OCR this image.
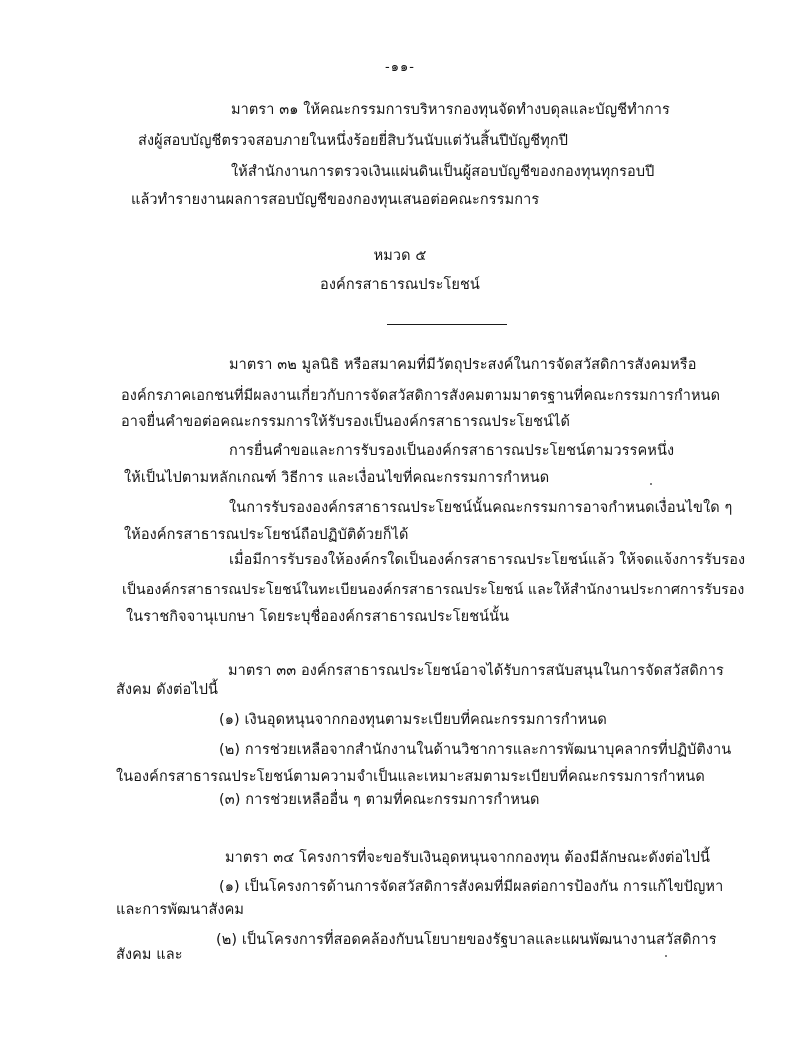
-๑๑-
มาตรา ๓๑ ให้คณะกรรมการบริหารกองทุนจัดทำงบดุลและบัญชีทำการ
ส่งผู้สอบบัญชีตรวจสอบภายในหนึ่งร้อยยี่สิบวันนับแต่วันสิ้นปีบัญชีทุกปี
ให้สำนักงานการตรวจเงินแผ่นดินเป็นผู้สอบบัญชีของกองทุนทุกรอบปี
แล้วทำรายงานผลการสอบบัญชีของกองทุนเสนอต่อคณะกรรมการ
หมวด ๕
องค์กรสาธารณประโยชน์
มาตรา ๓๒ มูลนิธิ หรือสมาคมที่มีวัตถุประสงค์ในการจัดสวัสดิการสังคมหรือ
องค์กรภาคเอกชนที่มีผลงานเกี่ยวกับการจัดสวัสดิการสังคมตามมาตรฐานที่คณะกรรมการกำหนด
อาจยื่นคำขอต่อคณะกรรมการให้รับรองเป็นองค์กรสาธารณประโยชน์ได้
การยื่นคำขอและการรับรองเป็นองค์กรสาธารณประโยชน์ตามวรรคหนึ่ง
ให้เป็นไปตามหลักเกณฑ์ วิธีการ และเงื่อนไขที่คณะกรรมการกำหนด
ในการรับรององค์กรสาธารณประโยชน์นั้นคณะกรรมการอาจกำหนดเงื่อนไขใด ๆ
ให้องค์กรสาธารณประโยชน์ถือปฏิบัติด้วยก็ได้
เมื่อมีการรับรองให้องค์กรใดเป็นองค์กรสาธารณประโยชน์แล้ว ให้จดแจ้งการรับรอง
เป็นองค์กรสาธารณประโยชน์ในทะเบียนองค์กรสาธารณประโยชน์ และให้สำนักงานประกาศการรับรอง
ในราชกิจจานุเบกษา โดยระบุชื่อองค์กรสาธารณประโยชน์นั้น
มาตรา ๓๓ องค์กรสาธารณประโยชน์อาจได้รับการสนับสนุนในการจัดสวัสดิการ
สังคม ดังต่อไปนี้
(๑) เงินอุดหนุนจากกองทุนตามระเบียบที่คณะกรรมการกำหนด
(๒) การช่วยเหลือจากสำนักงานในด้านวิชาการและการพัฒนาบุคลากรที่ปฏิบัติงาน
ในองค์กรสาธารณประโยชน์ตามความจำเป็นและเหมาะสมตามระเบียบที่คณะกรรมการกำหนด
(๓) การช่วยเหลืออื่น ๆ ตามที่คณะกรรมการกำหนด
มาตรา ๓๔ โครงการที่จะขอรับเงินอุดหนุนจากกองทุน ต้องมีลักษณะดังต่อไปนี้
(๑) เป็นโครงการด้านการจัดสวัสดิการสังคมที่มีผลต่อการป้องกัน การแก้ไขปัญหา
และการพัฒนาสังคม
(๒) เป็นโครงการที่สอดคล้องกับนโยบายของรัฐบาลและแผนพัฒนางานสวัสดิการ
สังคม และ
